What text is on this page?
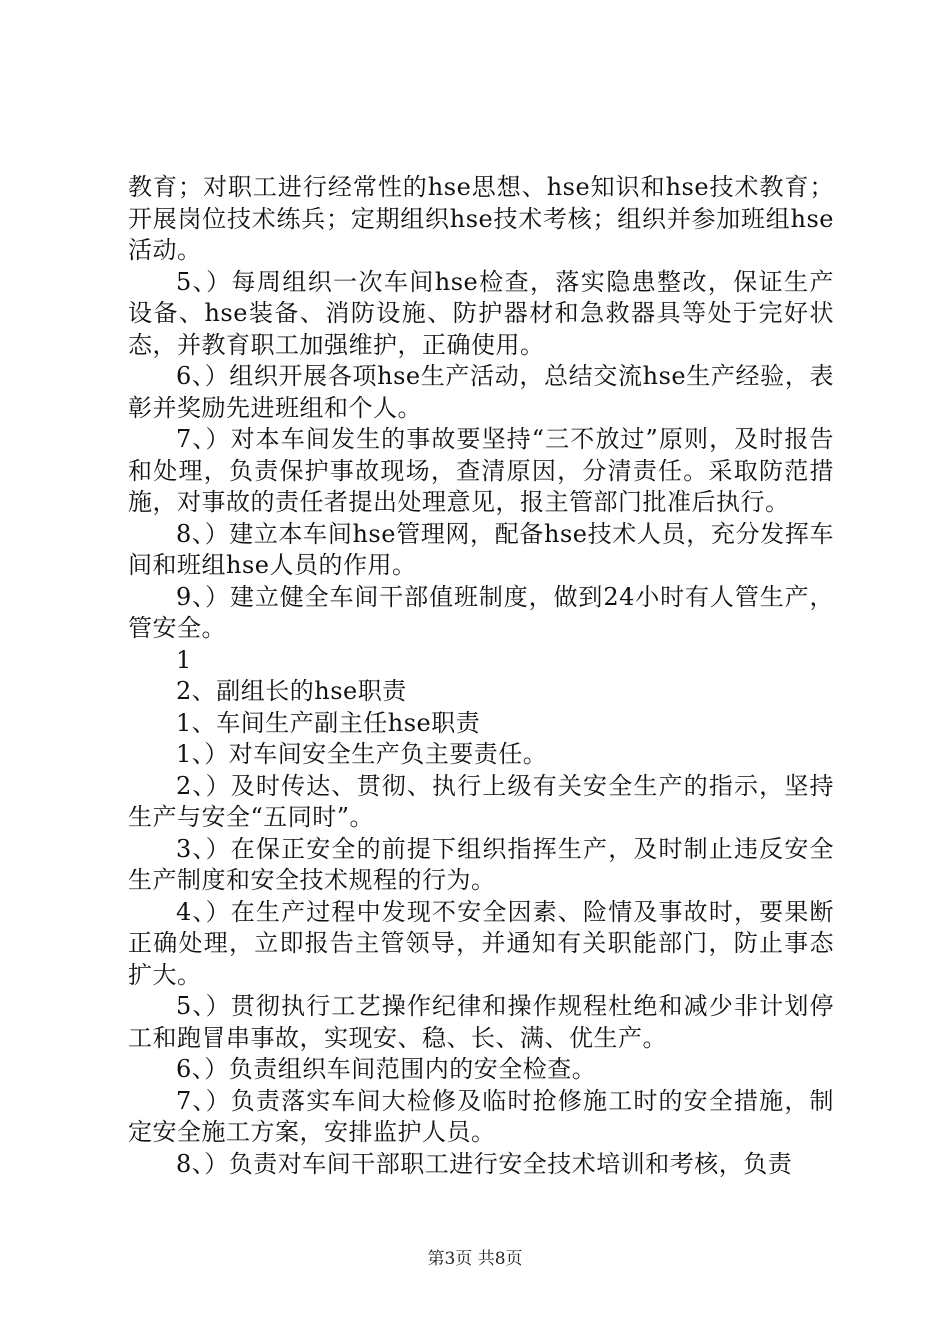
教育；对职工进行经常性的hse思想、hse知识和hse技术教育；开展岗位技术练兵；定期组织hse技术考核；组织并参加班组hse活动。

5、）每周组织一次车间hse检查，落实隐患整改，保证生产设备、hse装备、消防设施、防护器材和急救器具等处于完好状态，并教育职工加强维护，正确使用。

6、）组织开展各项hse生产活动，总结交流hse生产经验，表彰并奖励先进班组和个人。

7、）对本车间发生的事故要坚持“三不放过”原则，及时报告和处理，负责保护事故现场，查清原因，分清责任。采取防范措施，对事故的责任者提出处理意见，报主管部门批准后执行。

8、）建立本车间hse管理网，配备hse技术人员，充分发挥车间和班组hse人员的作用。

9、）建立健全车间干部值班制度，做到24小时有人管生产，管安全。

1

2、副组长的hse职责

1、车间生产副主任hse职责

1、）对车间安全生产负主要责任。

2、）及时传达、贯彻、执行上级有关安全生产的指示，坚持生产与安全“五同时”。

3、）在保正安全的前提下组织指挥生产，及时制止违反安全生产制度和安全技术规程的行为。

4、）在生产过程中发现不安全因素、险情及事故时，要果断正确处理，立即报告主管领导，并通知有关职能部门，防止事态扩大。

5、）贯彻执行工艺操作纪律和操作规程杜绝和减少非计划停工和跑冒串事故，实现安、稳、长、满、优生产。

6、）负责组织车间范围内的安全检查。

7、）负责落实车间大检修及临时抢修施工时的安全措施，制定安全施工方案，安排监护人员。

8、）负责对车间干部职工进行安全技术培训和考核，负责

第3页 共8页
